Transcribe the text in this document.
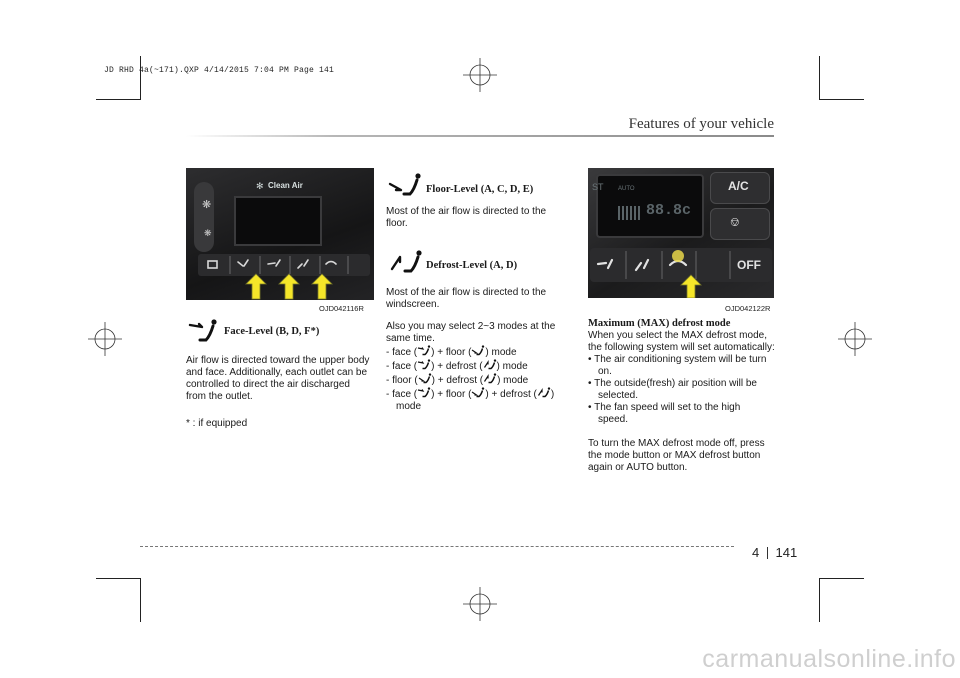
JD RHD 4a(~171).QXP 4/14/2015 7:04 PM Page 141
Features of your vehicle
✻ Clean Air
❋
❋
OJD042116R
Face-Level (B, D, F*)
Air flow is directed toward the upper body
and face. Additionally, each outlet can be
controlled to direct the air discharged
from the outlet.
* : if equipped
Floor-Level (A, C, D, E)
Most of the air flow is directed to the
floor.
Defrost-Level (A, D)
Most of the air flow is directed to the
windscreen.
Also you may select 2~3 modes at the
same time.
- face ( ) + floor ( ) mode
- face ( ) + defrost ( ) mode
- floor ( ) + defrost ( ) mode
- face ( ) + floor ( ) + defrost ( )
mode
ST AUTO
88.8c
A/C
⎊
OFF
OJD042122R
Maximum (MAX) defrost mode
When you select the MAX defrost mode,
the following system will set automatically:
• The air conditioning system will be turn
on.
• The outside(fresh) air position will be
selected.
• The fan speed will set to the high
speed.
To turn the MAX defrost mode off, press
the mode button or MAX defrost button
again or AUTO button.
4 141
carmanualsonline.info
